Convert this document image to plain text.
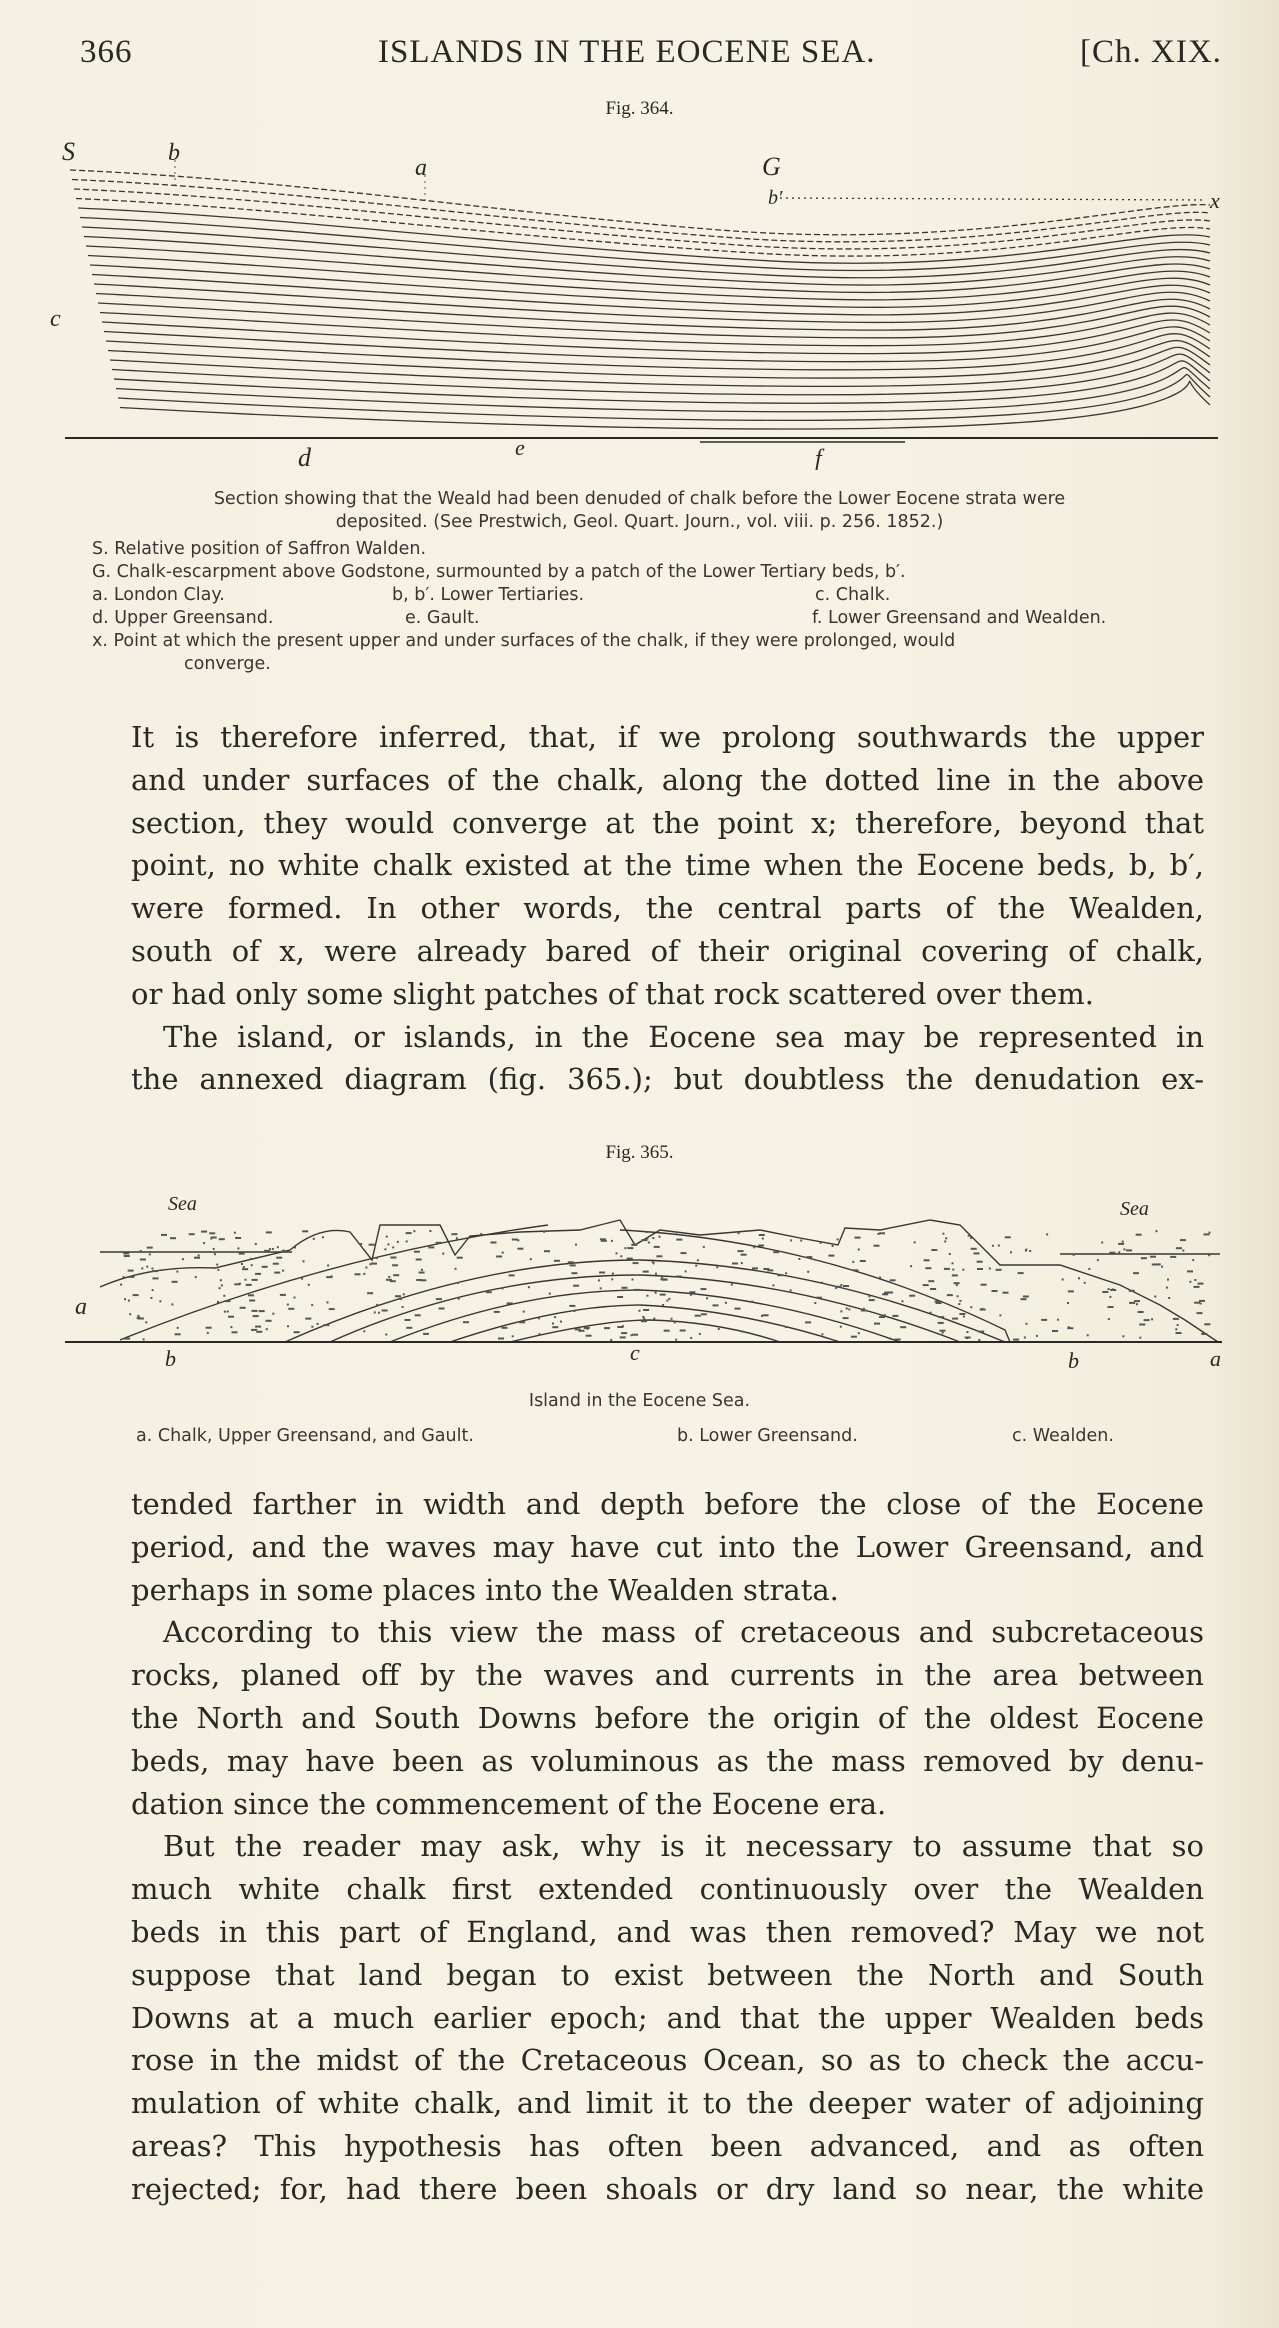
366	ISLANDS IN THE EOCENE SEA.	[Ch. XIX.
Fig. 364.
S	b
a	G
b′	x
c
d	e	f
Section showing that the Weald had been denuded of chalk before the Lower Eocene strata were
deposited. (See Prestwich, Geol. Quart. Journ., vol. viii. p. 256. 1852.)
S. Relative position of Saffron Walden.
G. Chalk-escarpment above Godstone, surmounted by a patch of the Lower Tertiary beds, b′.
a. London Clay.	b, b′. Lower Tertiaries.	c. Chalk.
d. Upper Greensand.	e. Gault.	f. Lower Greensand and Wealden.
x. Point at which the present upper and under surfaces of the chalk, if they were prolonged, would
converge.
It is therefore inferred, that, if we prolong southwards the upper
and under surfaces of the chalk, along the dotted line in the above
section, they would converge at the point x; therefore, beyond that
point, no white chalk existed at the time when the Eocene beds, b, b′,
were formed. In other words, the central parts of the Wealden,
south of x, were already bared of their original covering of chalk,
or had only some slight patches of that rock scattered over them.
The island, or islands, in the Eocene sea may be represented in
the annexed diagram (fig. 365.); but doubtless the denudation ex-
Fig. 365.
Sea	Sea
a
b	c	b	a
Island in the Eocene Sea.
a. Chalk, Upper Greensand, and Gault.	b. Lower Greensand.	c. Wealden.
tended farther in width and depth before the close of the Eocene
period, and the waves may have cut into the Lower Greensand, and
perhaps in some places into the Wealden strata.
According to this view the mass of cretaceous and subcretaceous
rocks, planed off by the waves and currents in the area between
the North and South Downs before the origin of the oldest Eocene
beds, may have been as voluminous as the mass removed by denu-
dation since the commencement of the Eocene era.
But the reader may ask, why is it necessary to assume that so
much white chalk first extended continuously over the Wealden
beds in this part of England, and was then removed? May we not
suppose that land began to exist between the North and South
Downs at a much earlier epoch; and that the upper Wealden beds
rose in the midst of the Cretaceous Ocean, so as to check the accu-
mulation of white chalk, and limit it to the deeper water of adjoining
areas? This hypothesis has often been advanced, and as often
rejected; for, had there been shoals or dry land so near, the white
